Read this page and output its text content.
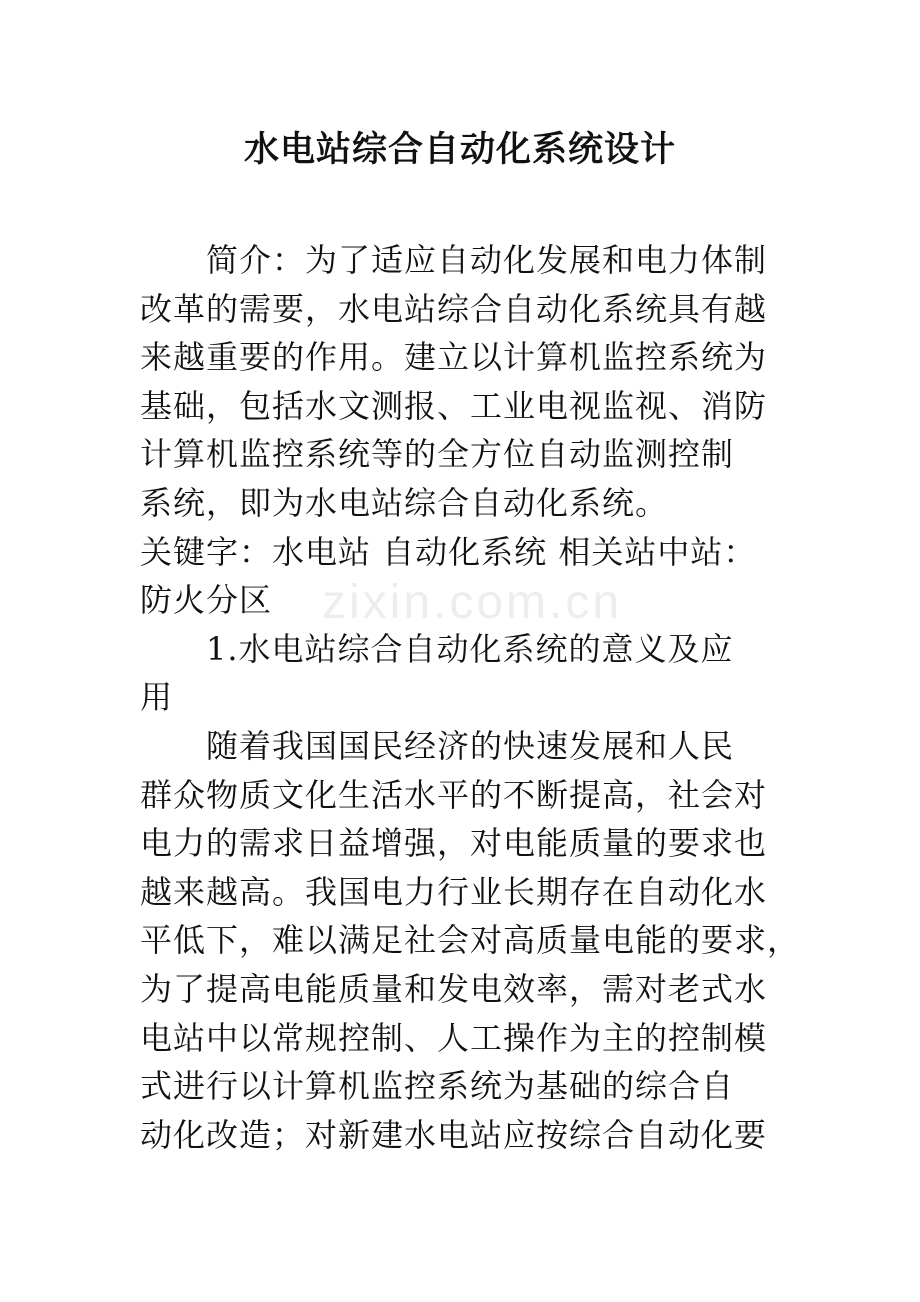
zixin.com.cn
水电站综合自动化系统设计
简介：为了适应自动化发展和电力体制
改革的需要，水电站综合自动化系统具有越
来越重要的作用。建立以计算机监控系统为
基础，包括水文测报、工业电视监视、消防
计算机监控系统等的全方位自动监测控制
系统，即为水电站综合自动化系统。
关键字：水电站 自动化系统 相关站中站：
防火分区
1.水电站综合自动化系统的意义及应
用
随着我国国民经济的快速发展和人民
群众物质文化生活水平的不断提高，社会对
电力的需求日益增强，对电能质量的要求也
越来越高。我国电力行业长期存在自动化水
平低下，难以满足社会对高质量电能的要求，
为了提高电能质量和发电效率，需对老式水
电站中以常规控制、人工操作为主的控制模
式进行以计算机监控系统为基础的综合自
动化改造；对新建水电站应按综合自动化要
